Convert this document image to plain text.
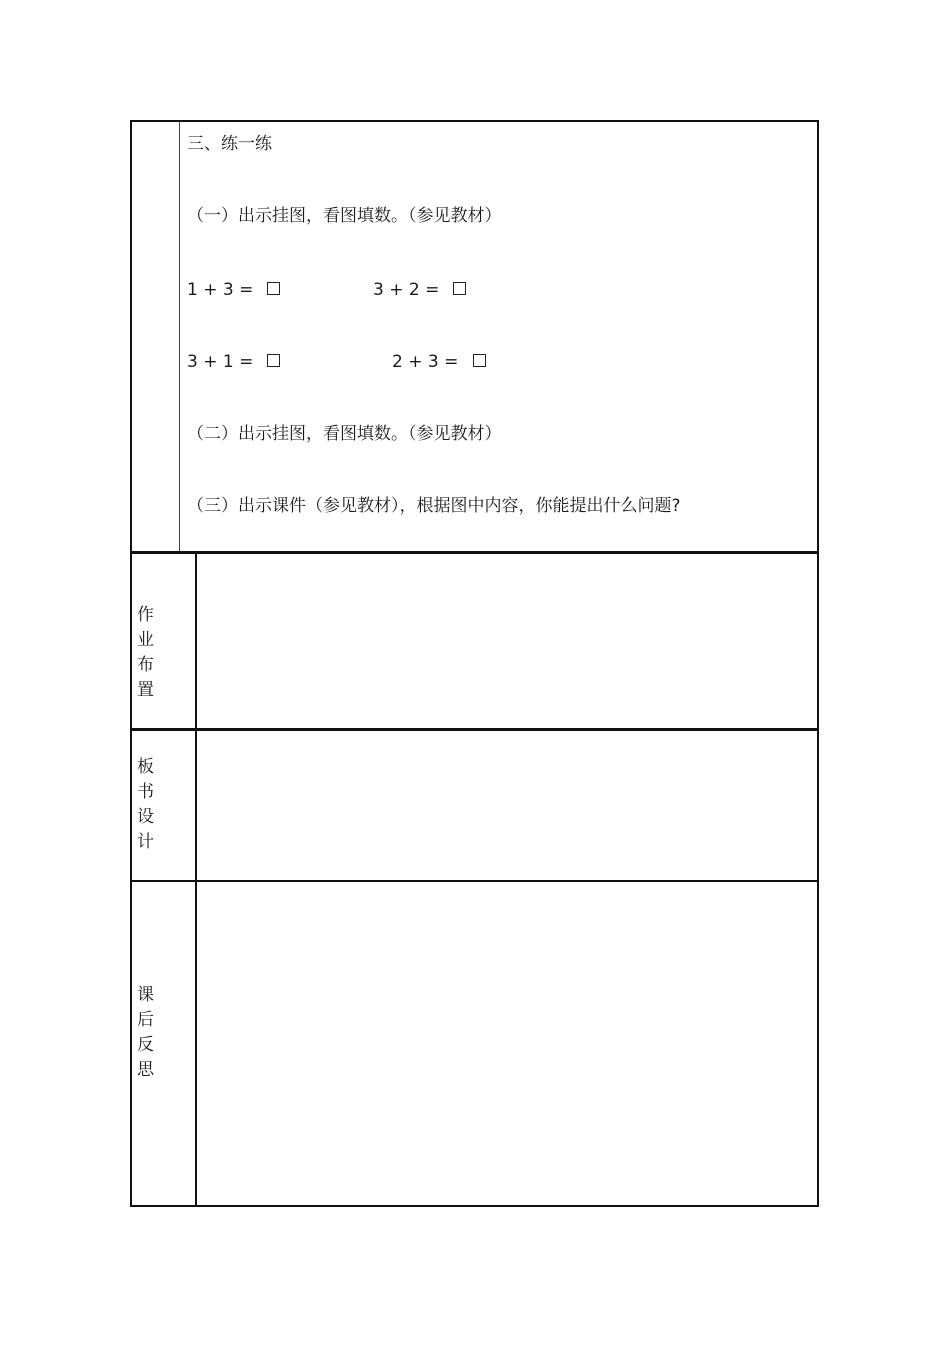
三、练一练
（一）出示挂图，看图填数。（参见教材）
1 + 3 =	3 + 2 =
3 + 1 =	2 + 3 =
（二）出示挂图，看图填数。（参见教材）
（三）出示课件（参见教材），根据图中内容，你能提出什么问题?
作业布置
板书设计
课后反思
